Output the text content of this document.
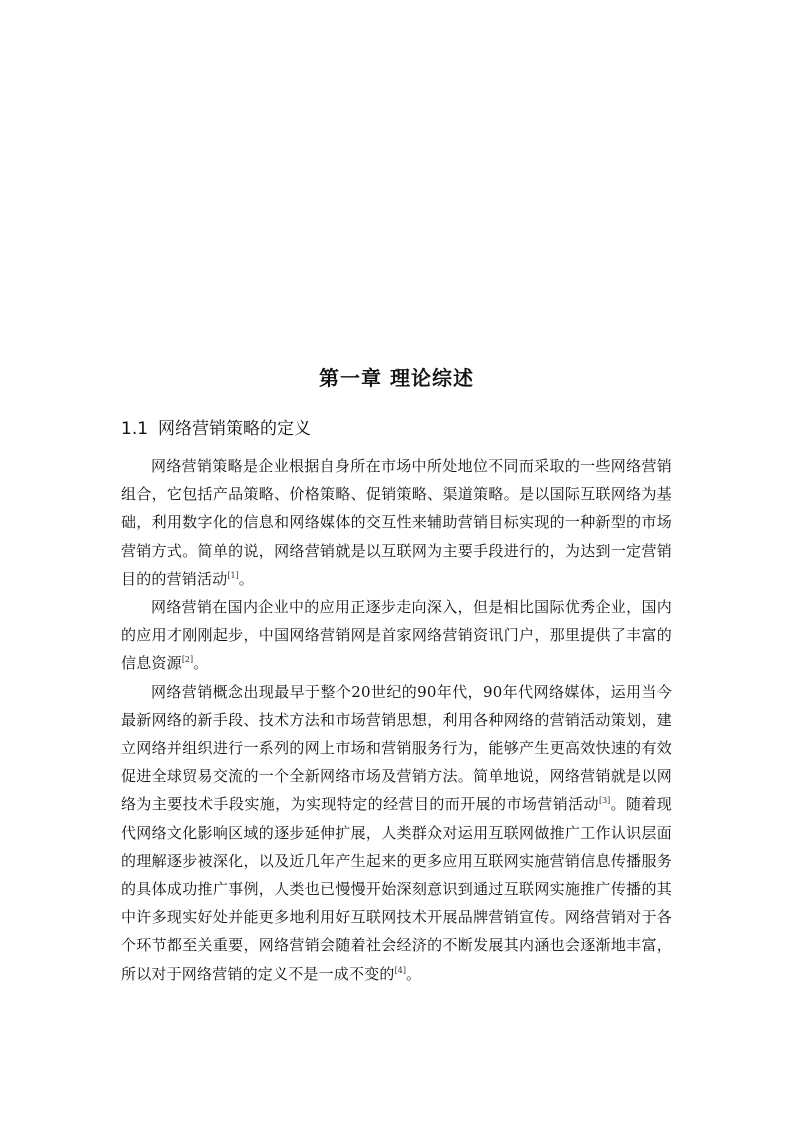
第一章 理论综述
1.1 网络营销策略的定义

网络营销策略是企业根据自身所在市场中所处地位不同而采取的一些网络营销组合，它包括产品策略、价格策略、促销策略、渠道策略。是以国际互联网络为基础，利用数字化的信息和网络媒体的交互性来辅助营销目标实现的一种新型的市场营销方式。简单的说，网络营销就是以互联网为主要手段进行的，为达到一定营销目的的营销活动[1]。

网络营销在国内企业中的应用正逐步走向深入，但是相比国际优秀企业，国内的应用才刚刚起步，中国网络营销网是首家网络营销资讯门户，那里提供了丰富的信息资源[2]。

网络营销概念出现最早于整个20世纪的90年代，90年代网络媒体，运用当今最新网络的新手段、技术方法和市场营销思想，利用各种网络的营销活动策划，建立网络并组织进行一系列的网上市场和营销服务行为，能够产生更高效快速的有效促进全球贸易交流的一个全新网络市场及营销方法。简单地说，网络营销就是以网络为主要技术手段实施，为实现特定的经营目的而开展的市场营销活动[3]。随着现代网络文化影响区域的逐步延伸扩展，人类群众对运用互联网做推广工作认识层面的理解逐步被深化，以及近几年产生起来的更多应用互联网实施营销信息传播服务的具体成功推广事例，人类也已慢慢开始深刻意识到通过互联网实施推广传播的其中许多现实好处并能更多地利用好互联网技术开展品牌营销宣传。网络营销对于各个环节都至关重要，网络营销会随着社会经济的不断发展其内涵也会逐渐地丰富，所以对于网络营销的定义不是一成不变的[4]。
